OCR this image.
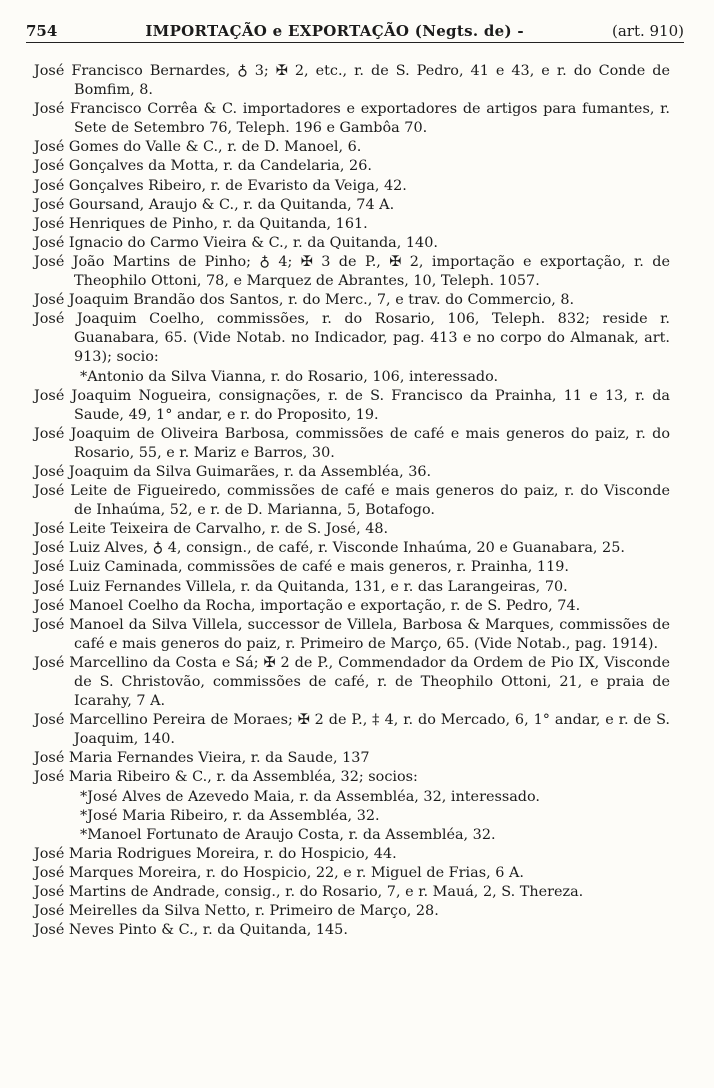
754	IMPORTAÇÃO e EXPORTAÇÃO (Negts. de) -	(art. 910)

José Francisco Bernardes, ♁ 3; ✠ 2, etc., r. de S. Pedro, 41 e 43, e r. do Conde de Bomfim, 8.

José Francisco Corrêa & C. importadores e exportadores de artigos para fumantes, r. Sete de Setembro 76, Teleph. 196 e Gambôa 70.

José Gomes do Valle & C., r. de D. Manoel, 6.

José Gonçalves da Motta, r. da Candelaria, 26.

José Gonçalves Ribeiro, r. de Evaristo da Veiga, 42.

José Goursand, Araujo & C., r. da Quitanda, 74 A.

José Henriques de Pinho, r. da Quitanda, 161.

José Ignacio do Carmo Vieira & C., r. da Quitanda, 140.

José João Martins de Pinho; ♁ 4; ✠ 3 de P., ✠ 2, importação e exportação, r. de Theophilo Ottoni, 78, e Marquez de Abrantes, 10, Teleph. 1057.

José Joaquim Brandão dos Santos, r. do Merc., 7, e trav. do Commercio, 8.

José Joaquim Coelho, commissões, r. do Rosario, 106, Teleph. 832; reside r. Guanabara, 65. (Vide Notab. no Indicador, pag. 413 e no corpo do Almanak, art. 913); socio:

*Antonio da Silva Vianna, r. do Rosario, 106, interessado.

José Joaquim Nogueira, consignações, r. de S. Francisco da Prainha, 11 e 13, r. da Saude, 49, 1° andar, e r. do Proposito, 19.

José Joaquim de Oliveira Barbosa, commissões de café e mais generos do paiz, r. do Rosario, 55, e r. Mariz e Barros, 30.

José Joaquim da Silva Guimarães, r. da Assembléa, 36.

José Leite de Figueiredo, commissões de café e mais generos do paiz, r. do Visconde de Inhaúma, 52, e r. de D. Marianna, 5, Botafogo.

José Leite Teixeira de Carvalho, r. de S. José, 48.

José Luiz Alves, ♁ 4, consign., de café, r. Visconde Inhaúma, 20 e Guanabara, 25.

José Luiz Caminada, commissões de café e mais generos, r. Prainha, 119.

José Luiz Fernandes Villela, r. da Quitanda, 131, e r. das Larangeiras, 70.

José Manoel Coelho da Rocha, importação e exportação, r. de S. Pedro, 74.

José Manoel da Silva Villela, successor de Villela, Barbosa & Marques, commissões de café e mais generos do paiz, r. Primeiro de Março, 65. (Vide Notab., pag. 1914).

José Marcellino da Costa e Sá; ✠ 2 de P., Commendador da Ordem de Pio IX, Visconde de S. Christovão, commissões de café, r. de Theophilo Ottoni, 21, e praia de Icarahy, 7 A.

José Marcellino Pereira de Moraes; ✠ 2 de P., ‡ 4, r. do Mercado, 6, 1° andar, e r. de S. Joaquim, 140.

José Maria Fernandes Vieira, r. da Saude, 137

José Maria Ribeiro & C., r. da Assembléa, 32; socios:

*José Alves de Azevedo Maia, r. da Assembléa, 32, interessado.

*José Maria Ribeiro, r. da Assembléa, 32.

*Manoel Fortunato de Araujo Costa, r. da Assembléa, 32.

José Maria Rodrigues Moreira, r. do Hospicio, 44.

José Marques Moreira, r. do Hospicio, 22, e r. Miguel de Frias, 6 A.

José Martins de Andrade, consig., r. do Rosario, 7, e r. Mauá, 2, S. Thereza.

José Meirelles da Silva Netto, r. Primeiro de Março, 28.

José Neves Pinto & C., r. da Quitanda, 145.
